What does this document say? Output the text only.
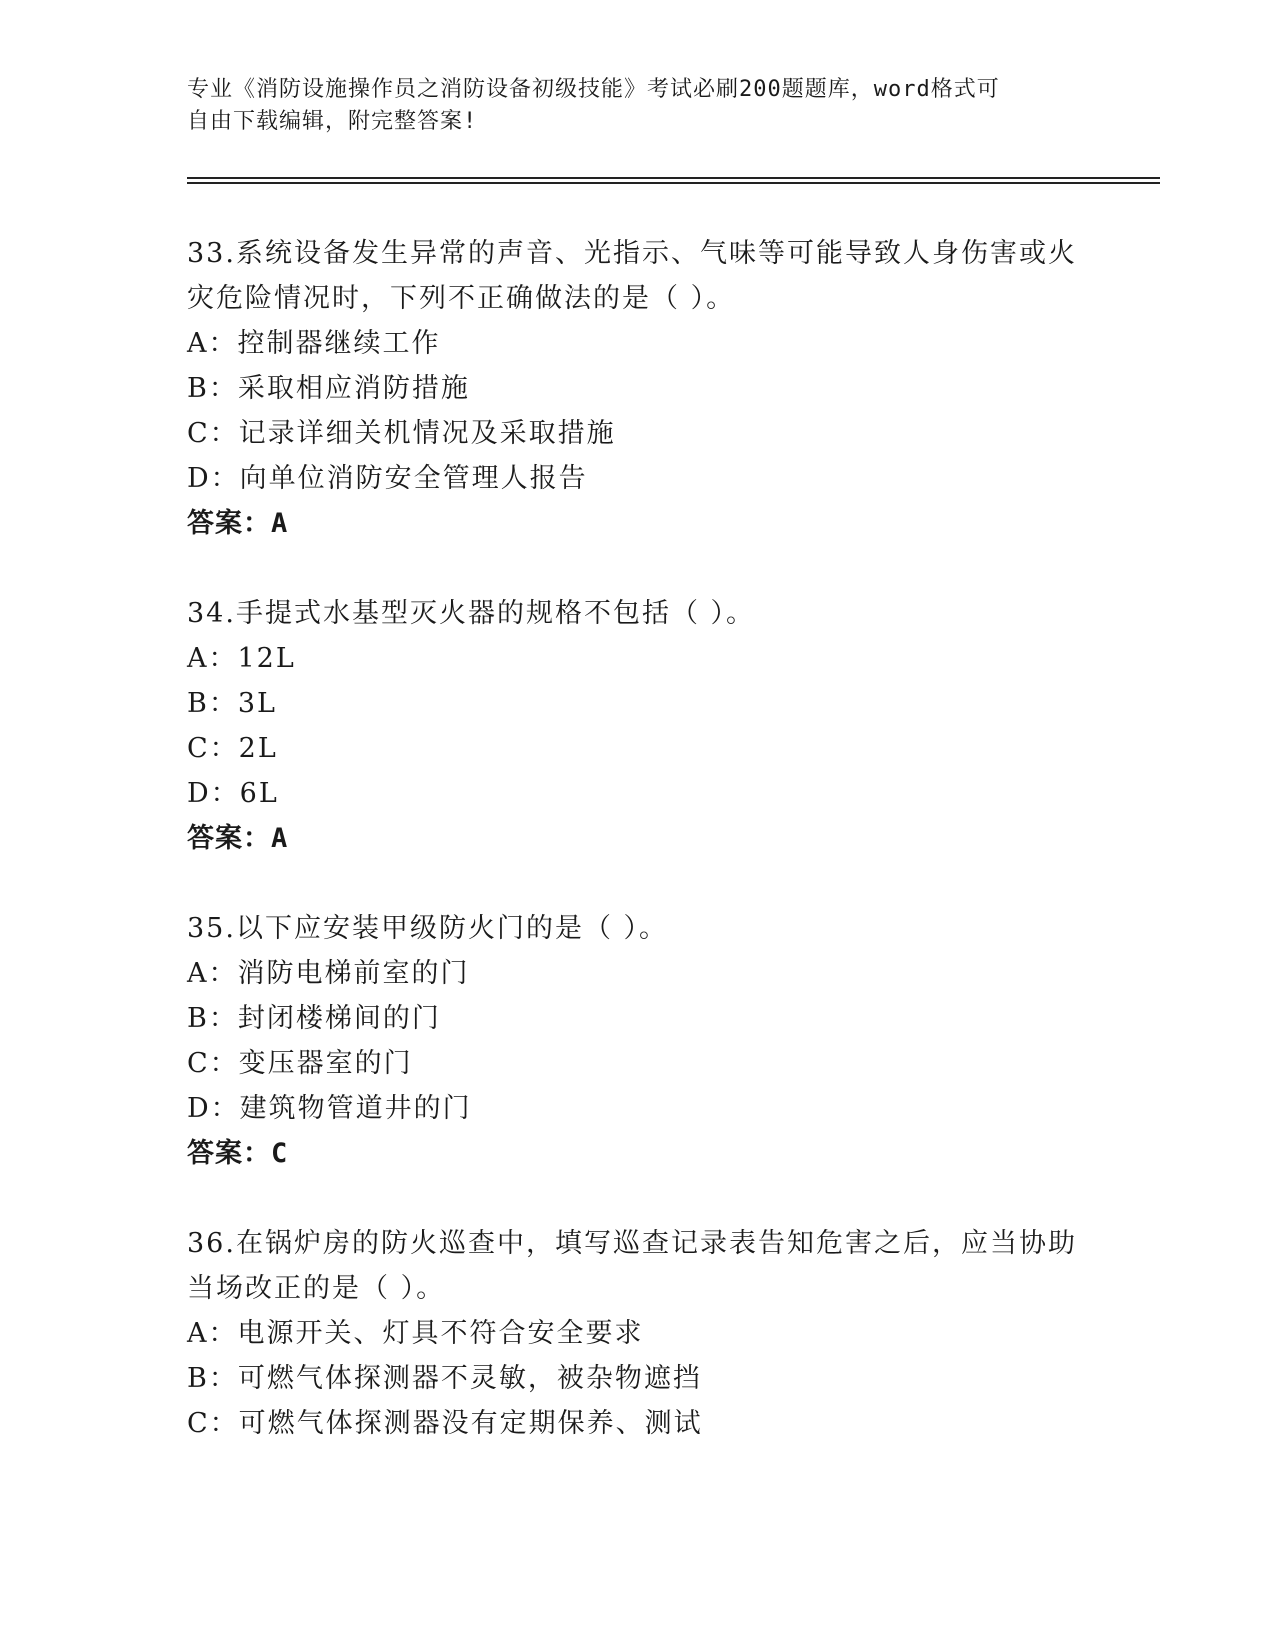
专业《消防设施操作员之消防设备初级技能》考试必刷200题题库，word格式可
自由下载编辑，附完整答案!
33.系统设备发生异常的声音、光指示、气味等可能导致人身伤害或火
灾危险情况时，下列不正确做法的是（ ）。
A：控制器继续工作
B：采取相应消防措施
C：记录详细关机情况及采取措施
D：向单位消防安全管理人报告
答案：A
34.手提式水基型灭火器的规格不包括（ ）。
A：12L
B：3L
C：2L
D：6L
答案：A
35.以下应安装甲级防火门的是（ ）。
A：消防电梯前室的门
B：封闭楼梯间的门
C：变压器室的门
D：建筑物管道井的门
答案：C
36.在锅炉房的防火巡查中，填写巡查记录表告知危害之后，应当协助
当场改正的是（ ）。
A：电源开关、灯具不符合安全要求
B：可燃气体探测器不灵敏，被杂物遮挡
C：可燃气体探测器没有定期保养、测试
